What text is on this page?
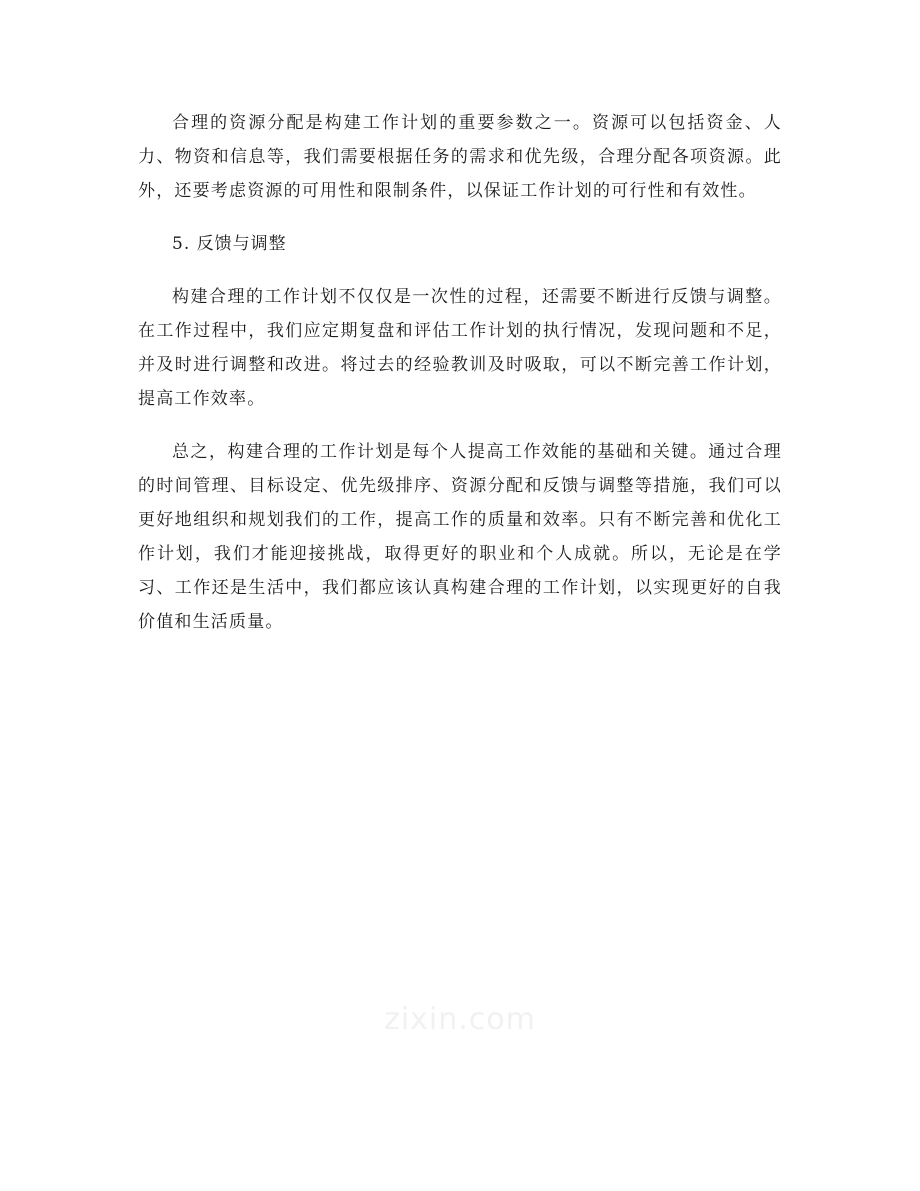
合理的资源分配是构建工作计划的重要参数之一。资源可以包括资金、人力、物资和信息等，我们需要根据任务的需求和优先级，合理分配各项资源。此外，还要考虑资源的可用性和限制条件，以保证工作计划的可行性和有效性。

5. 反馈与调整

构建合理的工作计划不仅仅是一次性的过程，还需要不断进行反馈与调整。在工作过程中，我们应定期复盘和评估工作计划的执行情况，发现问题和不足，并及时进行调整和改进。将过去的经验教训及时吸取，可以不断完善工作计划，提高工作效率。

总之，构建合理的工作计划是每个人提高工作效能的基础和关键。通过合理的时间管理、目标设定、优先级排序、资源分配和反馈与调整等措施，我们可以更好地组织和规划我们的工作，提高工作的质量和效率。只有不断完善和优化工作计划，我们才能迎接挑战，取得更好的职业和个人成就。所以，无论是在学习、工作还是生活中，我们都应该认真构建合理的工作计划，以实现更好的自我价值和生活质量。

zixin.com
